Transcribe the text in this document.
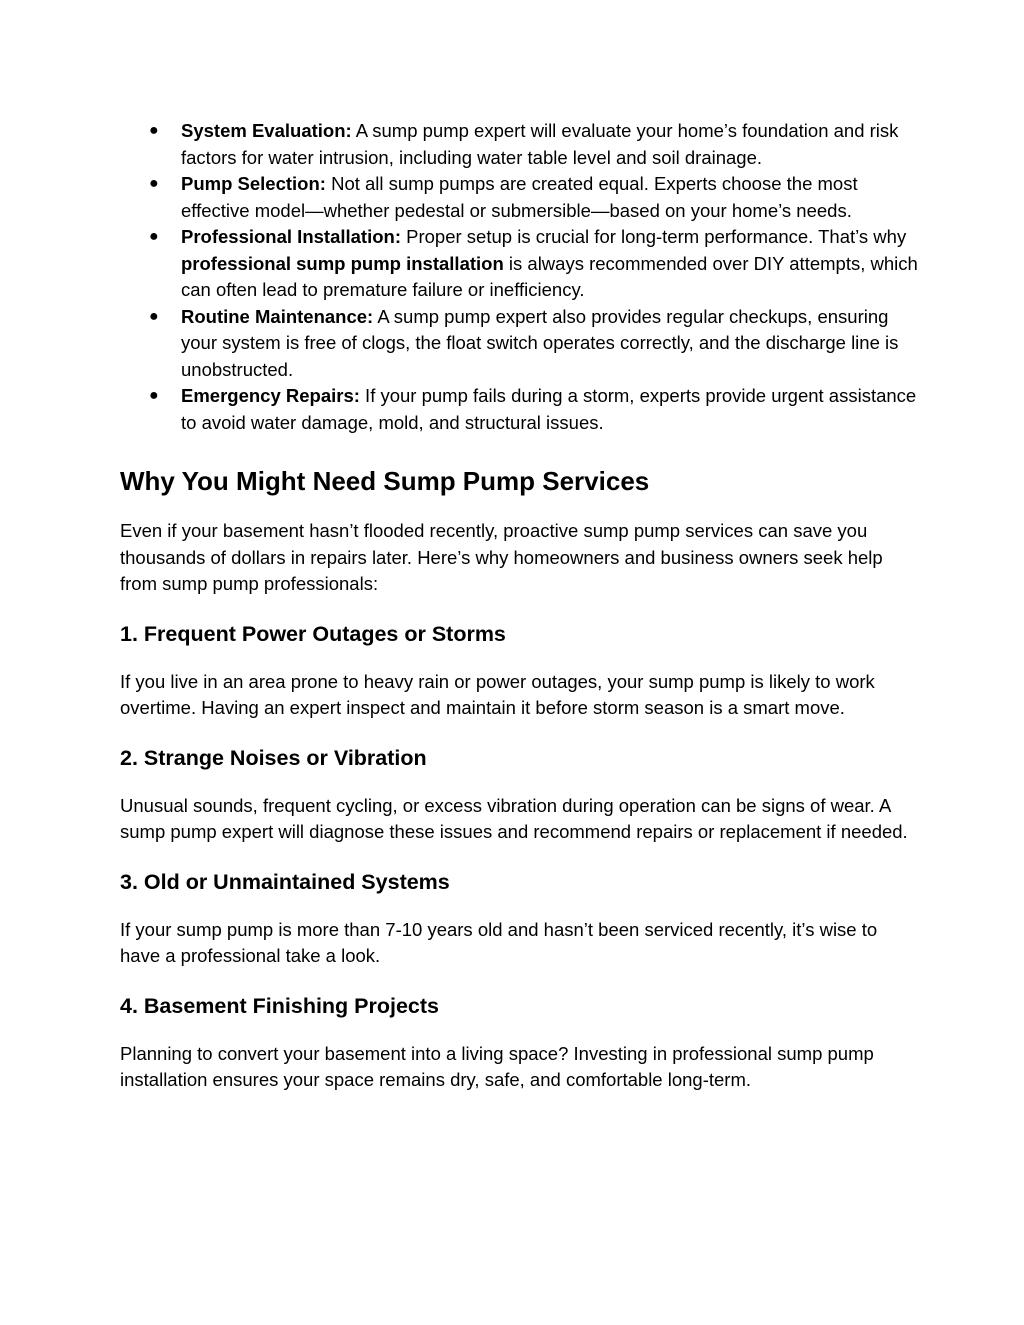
● System Evaluation: A sump pump expert will evaluate your home’s foundation and risk factors for water intrusion, including water table level and soil drainage.
● Pump Selection: Not all sump pumps are created equal. Experts choose the most effective model—whether pedestal or submersible—based on your home’s needs.
● Professional Installation: Proper setup is crucial for long-term performance. That’s why professional sump pump installation is always recommended over DIY attempts, which can often lead to premature failure or inefficiency.
● Routine Maintenance: A sump pump expert also provides regular checkups, ensuring your system is free of clogs, the float switch operates correctly, and the discharge line is unobstructed.
● Emergency Repairs: If your pump fails during a storm, experts provide urgent assistance to avoid water damage, mold, and structural issues.
Why You Might Need Sump Pump Services

Even if your basement hasn’t flooded recently, proactive sump pump services can save you thousands of dollars in repairs later. Here’s why homeowners and business owners seek help from sump pump professionals:

1. Frequent Power Outages or Storms

If you live in an area prone to heavy rain or power outages, your sump pump is likely to work overtime. Having an expert inspect and maintain it before storm season is a smart move.

2. Strange Noises or Vibration

Unusual sounds, frequent cycling, or excess vibration during operation can be signs of wear. A sump pump expert will diagnose these issues and recommend repairs or replacement if needed.

3. Old or Unmaintained Systems

If your sump pump is more than 7-10 years old and hasn’t been serviced recently, it’s wise to have a professional take a look.

4. Basement Finishing Projects

Planning to convert your basement into a living space? Investing in professional sump pump installation ensures your space remains dry, safe, and comfortable long-term.
